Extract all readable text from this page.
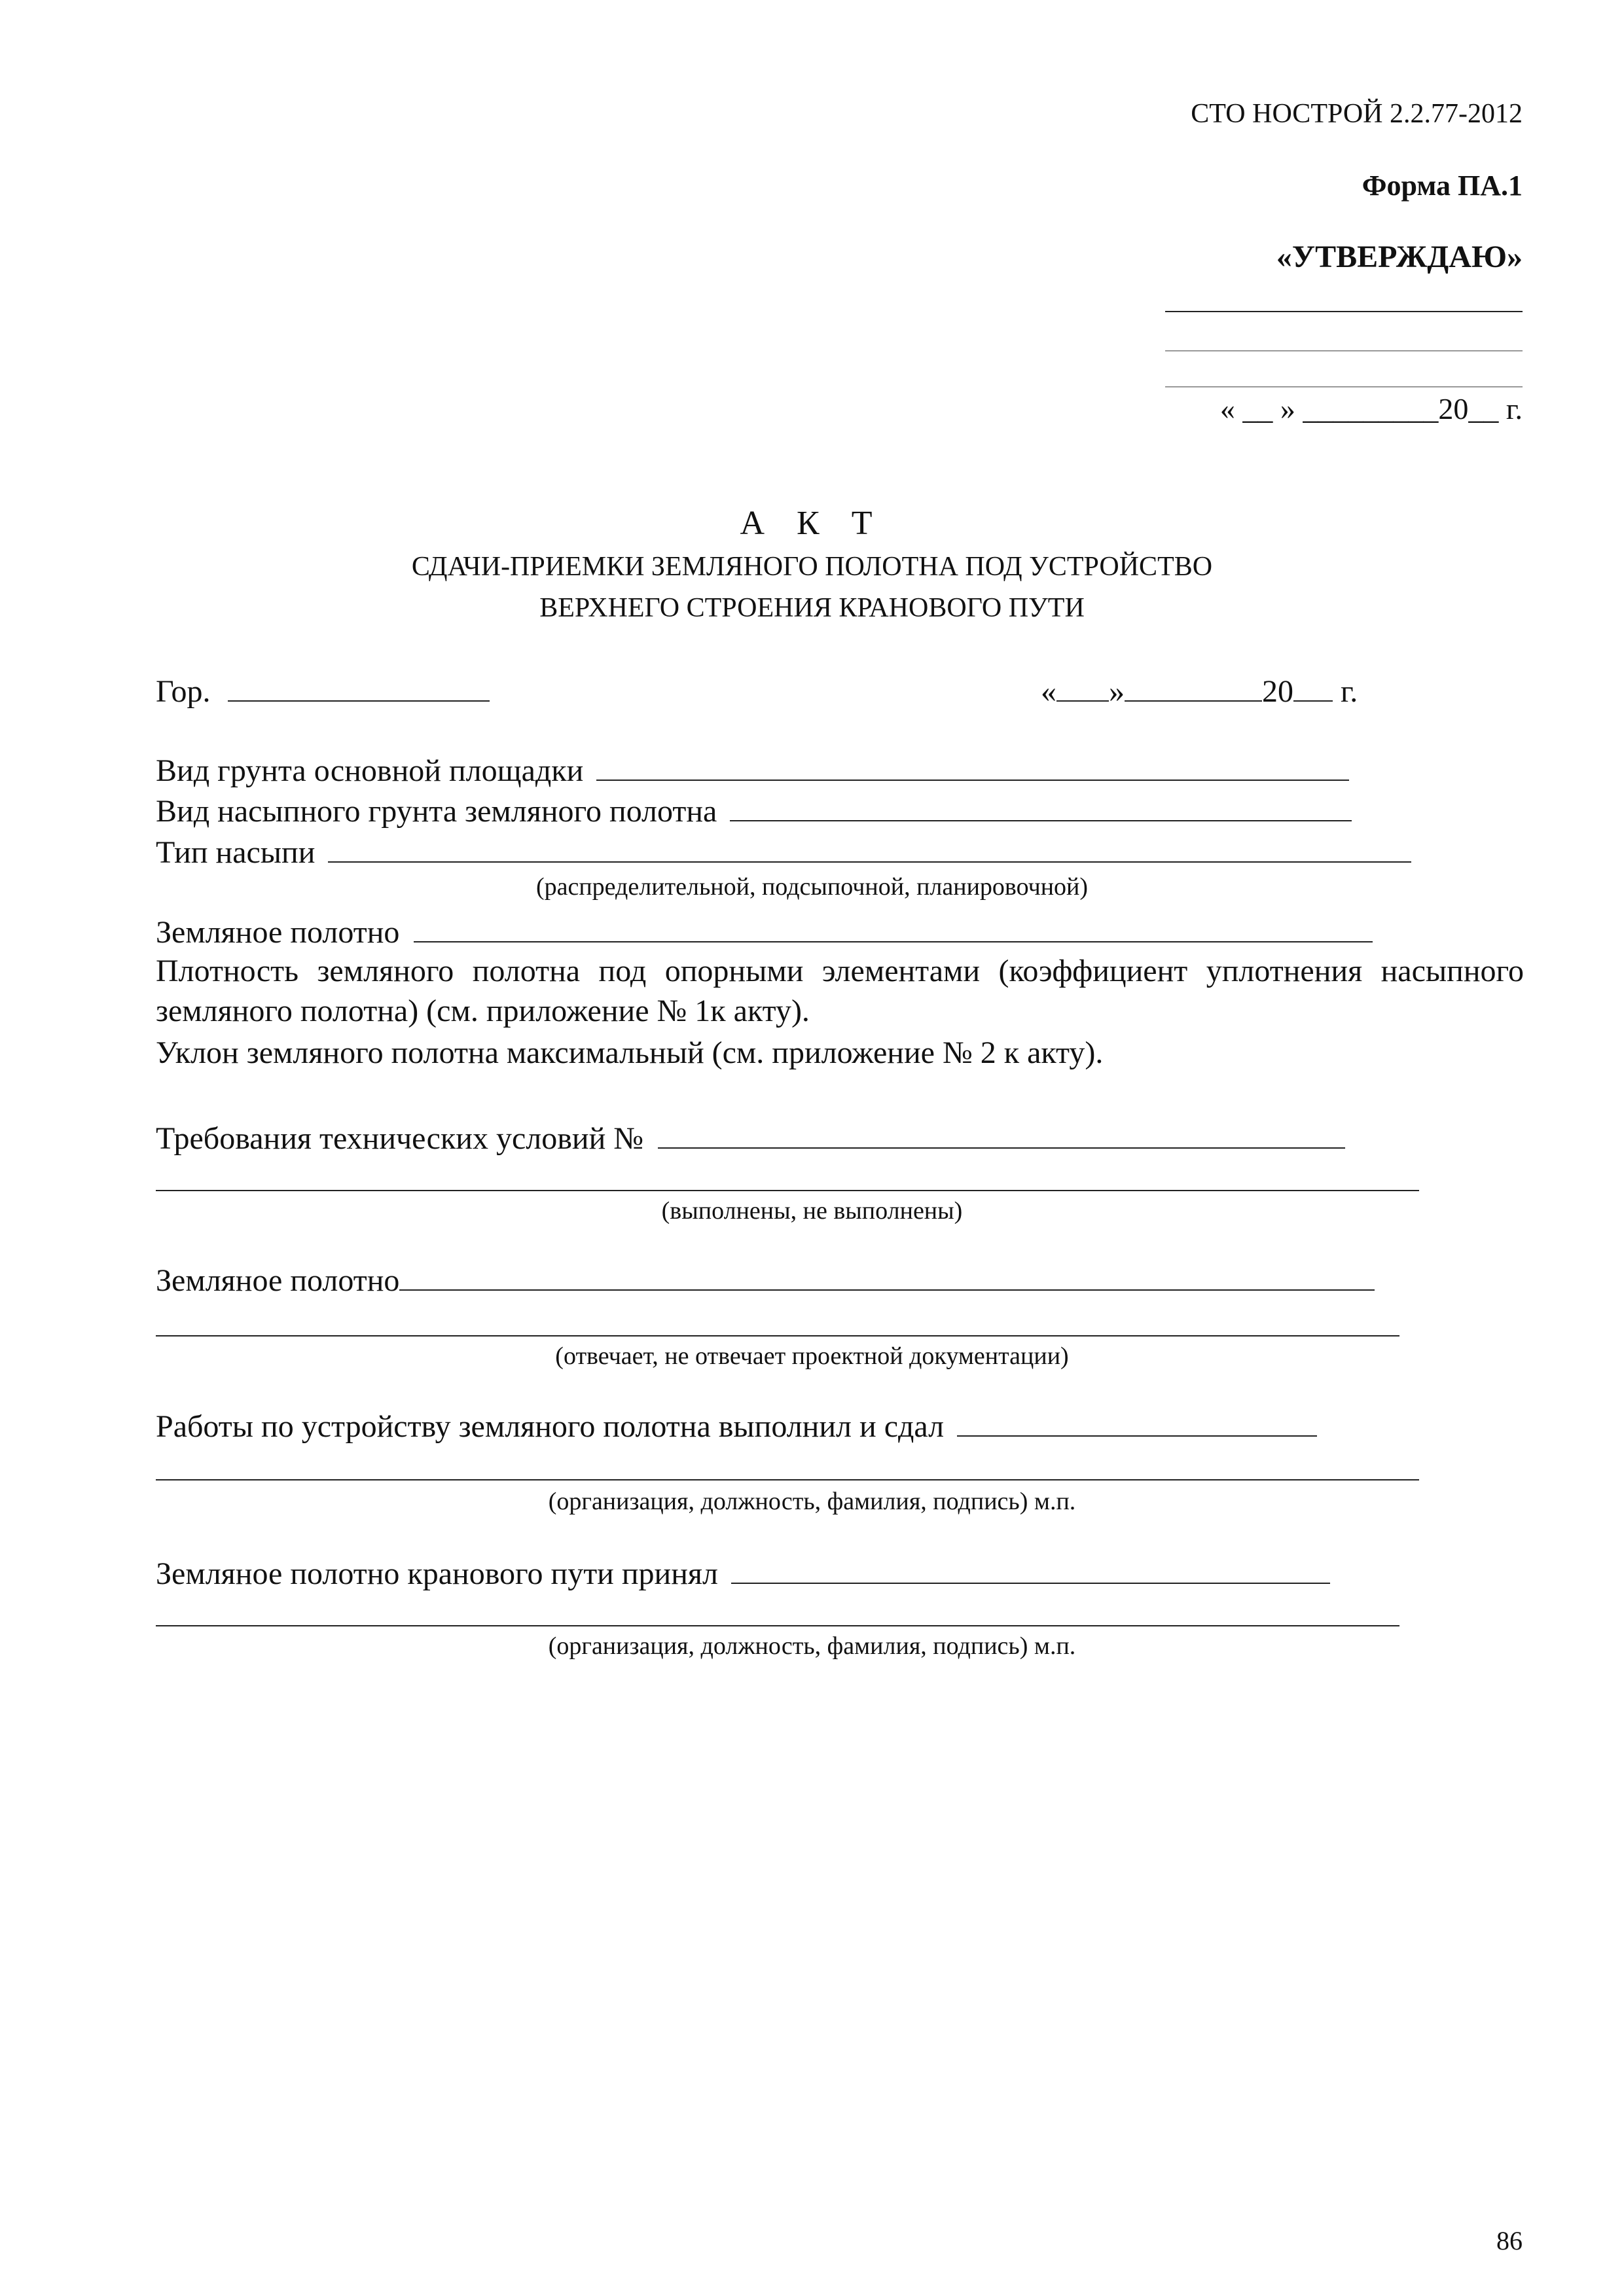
СТО НОСТРОЙ 2.2.77-2012
Форма ПА.1
«УТВЕРЖДАЮ»
« __ » _________20__ г.
А К Т
СДАЧИ-ПРИЕМКИ ЗЕМЛЯНОГО ПОЛОТНА ПОД УСТРОЙСТВО
ВЕРХНЕГО СТРОЕНИЯ КРАНОВОГО ПУТИ
Гор.	« »	20 г.
Вид грунта основной площадки
Вид насыпного грунта земляного полотна
Тип насыпи
(распределительной, подсыпочной, планировочной)
Земляное полотно
Плотность земляного полотна под опорными элементами (коэффициент уплотнения насыпного земляного полотна) (см. приложение № 1к акту).
Уклон земляного полотна максимальный (см. приложение № 2 к акту).
Требования технических условий №
(выполнены, не выполнены)
Земляное полотно
(отвечает, не отвечает проектной документации)
Работы по устройству земляного полотна выполнил и сдал
(организация, должность, фамилия, подпись) м.п.
Земляное полотно кранового пути принял
(организация, должность, фамилия, подпись) м.п.
86
